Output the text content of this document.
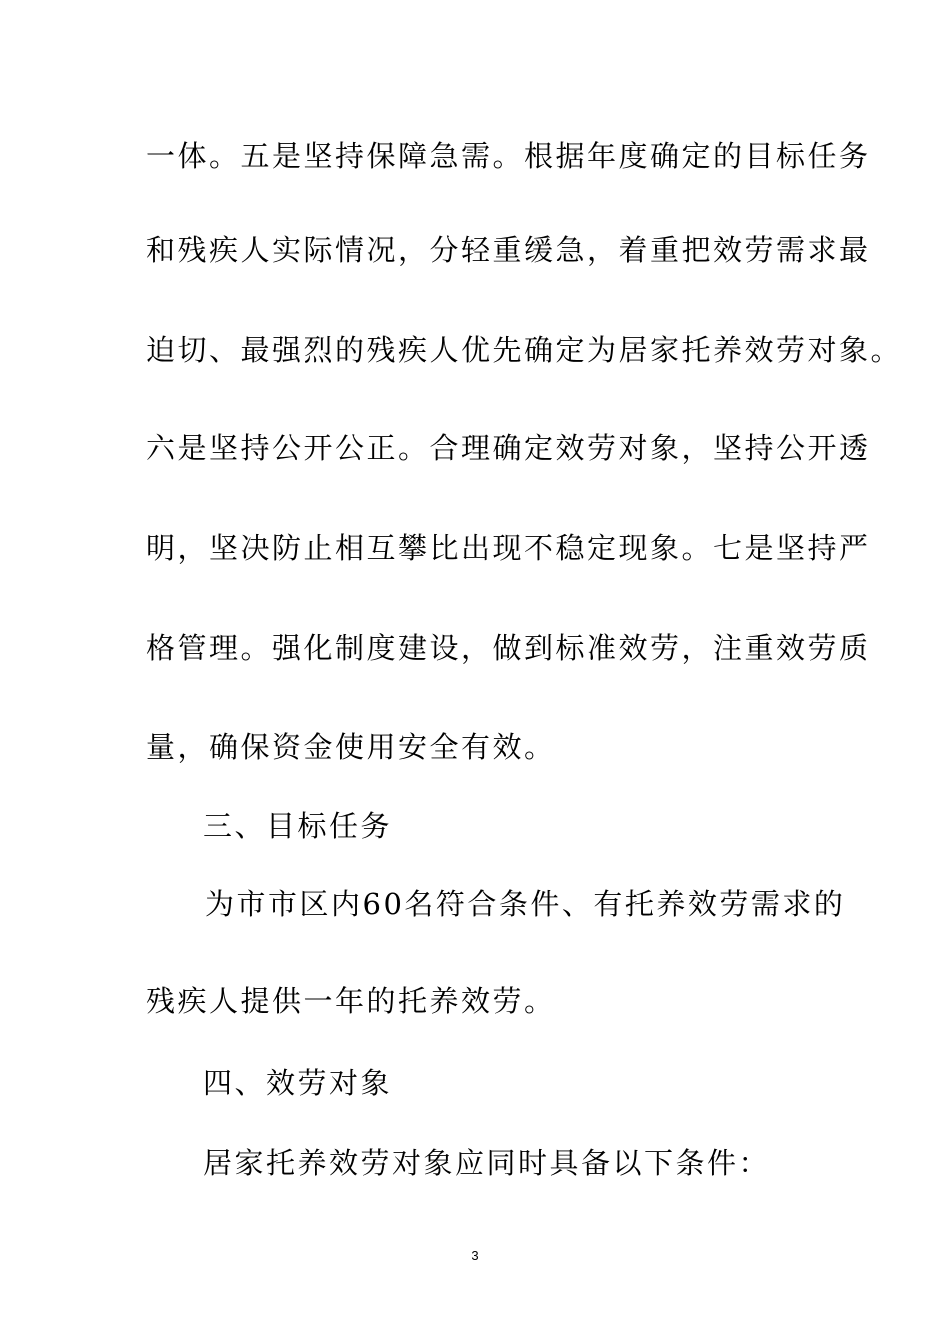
一体。五是坚持保障急需。根据年度确定的目标任务
和残疾人实际情况，分轻重缓急，着重把效劳需求最
迫切、最强烈的残疾人优先确定为居家托养效劳对象。
六是坚持公开公正。合理确定效劳对象，坚持公开透
明，坚决防止相互攀比出现不稳定现象。七是坚持严
格管理。强化制度建设，做到标准效劳，注重效劳质
量，确保资金使用安全有效。
三、目标任务
为市市区内60名符合条件、有托养效劳需求的
残疾人提供一年的托养效劳。
四、效劳对象
居家托养效劳对象应同时具备以下条件：
3
